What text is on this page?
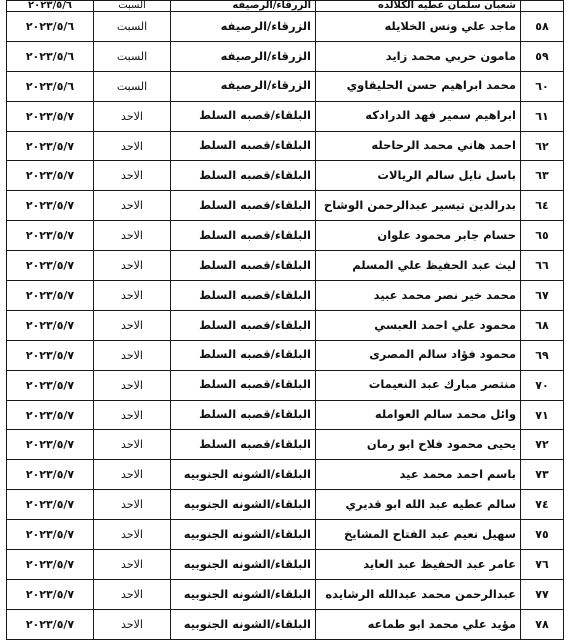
	شعبان سلمان عطيه الكلالده	الزرقاء/الرصيفه	السبت	٢٠٢٣/٥/٦
٥٨	ماجد علي ونس الخلايله	الزرقاء/الرصيفه	السبت	٢٠٢٣/٥/٦
٥٩	مامون حربي محمد زايد	الزرقاء/الرصيفه	السبت	٢٠٢٣/٥/٦
٦٠	محمد ابراهيم حسن الحليقاوي	الزرقاء/الرصيفه	السبت	٢٠٢٣/٥/٦
٦١	ابراهيم سمير فهد الدرادكه	البلقاء/قصبه السلط	الاحد	٢٠٢٣/٥/٧
٦٢	احمد هاني محمد الرحاحله	البلقاء/قصبه السلط	الاحد	٢٠٢٣/٥/٧
٦٣	باسل نايل سالم الريالات	البلقاء/قصبه السلط	الاحد	٢٠٢٣/٥/٧
٦٤	بدرالدين تيسير عبدالرحمن الوشاح	البلقاء/قصبه السلط	الاحد	٢٠٢٣/٥/٧
٦٥	حسام جابر محمود علوان	البلقاء/قصبه السلط	الاحد	٢٠٢٣/٥/٧
٦٦	ليث عبد الحفيظ علي المسلم	البلقاء/قصبه السلط	الاحد	٢٠٢٣/٥/٧
٦٧	محمد خير نصر محمد عبيد	البلقاء/قصبه السلط	الاحد	٢٠٢٣/٥/٧
٦٨	محمود علي احمد العبسي	البلقاء/قصبه السلط	الاحد	٢٠٢٣/٥/٧
٦٩	محمود فؤاد سالم المصرى	البلقاء/قصبه السلط	الاحد	٢٠٢٣/٥/٧
٧٠	منتصر مبارك عبد النعيمات	البلقاء/قصبه السلط	الاحد	٢٠٢٣/٥/٧
٧١	وائل محمد سالم العوامله	البلقاء/قصبه السلط	الاحد	٢٠٢٣/٥/٧
٧٢	يحيى محمود فلاح ابو رمان	البلقاء/قصبه السلط	الاحد	٢٠٢٣/٥/٧
٧٣	باسم احمد محمد عيد	البلقاء/الشونه الجنوبيه	الاحد	٢٠٢٣/٥/٧
٧٤	سالم عطيه عبد الله ابو قديري	البلقاء/الشونه الجنوبيه	الاحد	٢٠٢٣/٥/٧
٧٥	سهيل نعيم عبد الفتاح المشايخ	البلقاء/الشونه الجنوبيه	الاحد	٢٠٢٣/٥/٧
٧٦	عامر عبد الحفيظ عبد العايد	البلقاء/الشونه الجنوبيه	الاحد	٢٠٢٣/٥/٧
٧٧	عبدالرحمن محمد عبدالله الرشايده	البلقاء/الشونه الجنوبيه	الاحد	٢٠٢٣/٥/٧
٧٨	مؤيد علي محمد ابو طماعه	البلقاء/الشونه الجنوبيه	الاحد	٢٠٢٣/٥/٧
